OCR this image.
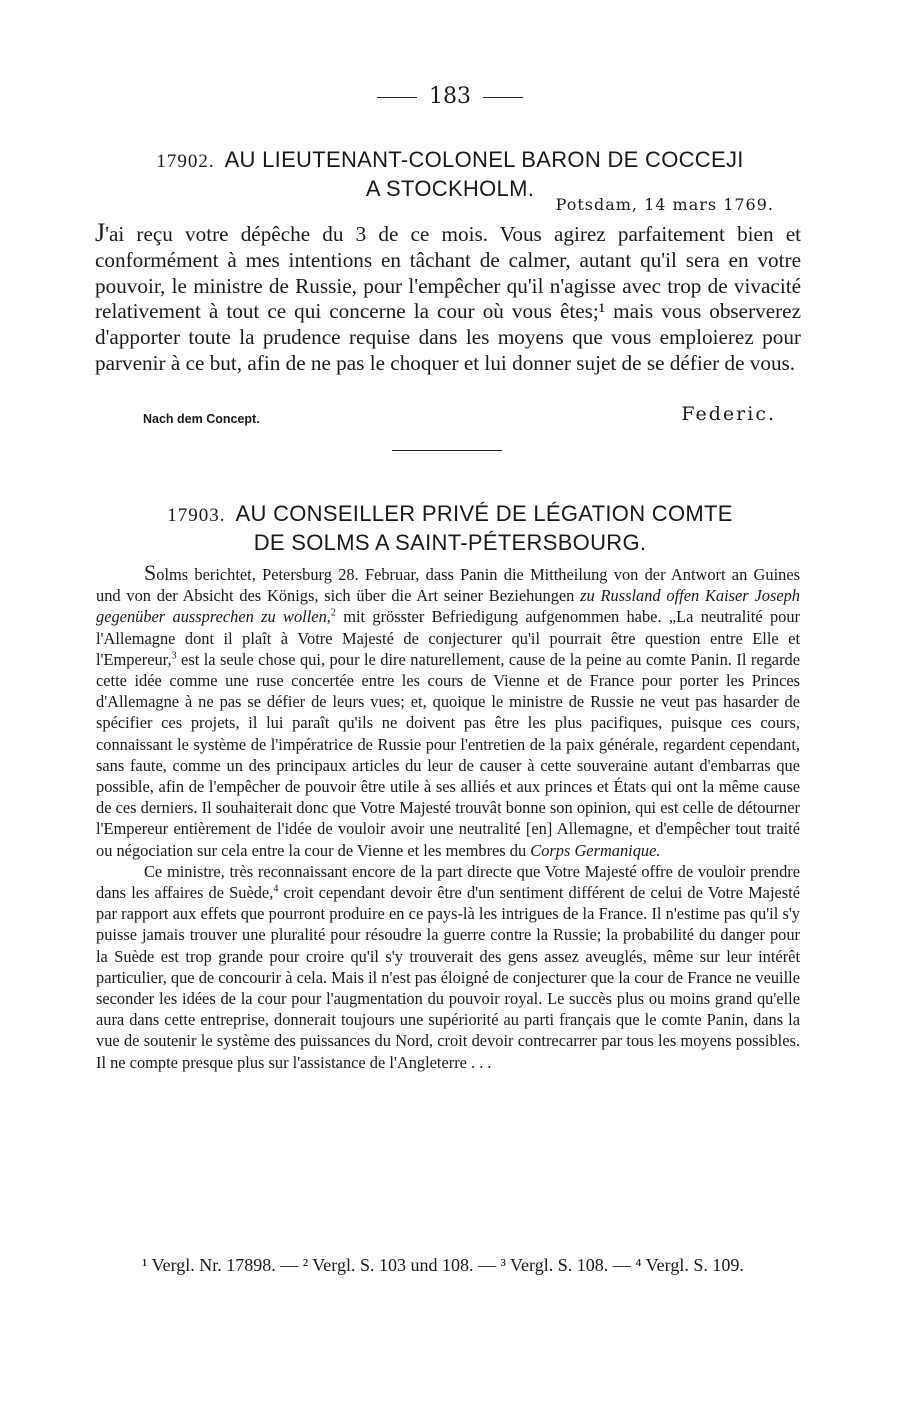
183
17902. AU LIEUTENANT-COLONEL BARON DE COCCEJI
A STOCKHOLM.
Potsdam, 14 mars 1769.

J'ai reçu votre dépêche du 3 de ce mois. Vous agirez parfaitement bien et conformément à mes intentions en tâchant de calmer, autant qu'il sera en votre pouvoir, le ministre de Russie, pour l'empêcher qu'il n'agisse avec trop de vivacité relativement à tout ce qui concerne la cour où vous êtes;¹ mais vous observerez d'apporter toute la prudence requise dans les moyens que vous emploierez pour parvenir à ce but, afin de ne pas le choquer et lui donner sujet de se défier de vous.

Nach dem Concept.	Federic.
17903. AU CONSEILLER PRIVÉ DE LÉGATION COMTE
DE SOLMS A SAINT-PÉTERSBOURG.

Solms berichtet, Petersburg 28. Februar, dass Panin die Mittheilung von der Antwort an Guines und von der Absicht des Königs, sich über die Art seiner Beziehungen zu Russland offen Kaiser Joseph gegenüber aussprechen zu wollen,$^2$ mit grösster Befriedigung aufgenommen habe. „La neutralité pour l'Allemagne dont il plaît à Votre Majesté de conjecturer qu'il pourrait être question entre Elle et l'Empereur,$^3$ est la seule chose qui, pour le dire naturellement, cause de la peine au comte Panin. Il regarde cette idée comme une ruse concertée entre les cours de Vienne et de France pour porter les Princes d'Allemagne à ne pas se défier de leurs vues; et, quoique le ministre de Russie ne veut pas hasarder de spécifier ces projets, il lui paraît qu'ils ne doivent pas être les plus pacifiques, puisque ces cours, connaissant le système de l'impératrice de Russie pour l'entretien de la paix générale, regardent cependant, sans faute, comme un des principaux articles du leur de causer à cette souveraine autant d'embarras que possible, afin de l'empêcher de pouvoir être utile à ses alliés et aux princes et États qui ont la même cause de ces derniers. Il souhaiterait donc que Votre Majesté trouvât bonne son opinion, qui est celle de détourner l'Empereur entièrement de l'idée de vouloir avoir une neutralité [en] Allemagne, et d'empêcher tout traité ou négociation sur cela entre la cour de Vienne et les membres du Corps Germanique.

Ce ministre, très reconnaissant encore de la part directe que Votre Majesté offre de vouloir prendre dans les affaires de Suède,$^4$ croit cependant devoir être d'un sentiment différent de celui de Votre Majesté par rapport aux effets que pourront produire en ce pays-là les intrigues de la France. Il n'estime pas qu'il s'y puisse jamais trouver une pluralité pour résoudre la guerre contre la Russie; la probabilité du danger pour la Suède est trop grande pour croire qu'il s'y trouverait des gens assez aveuglés, même sur leur intérêt particulier, que de concourir à cela. Mais il n'est pas éloigné de conjecturer que la cour de France ne veuille seconder les idées de la cour pour l'augmentation du pouvoir royal. Le succès plus ou moins grand qu'elle aura dans cette entreprise, donnerait toujours une supériorité au parti français que le comte Panin, dans la vue de soutenir le système des puissances du Nord, croit devoir contrecarrer par tous les moyens possibles. Il ne compte presque plus sur l'assistance de l'Angleterre . . .

¹ Vergl. Nr. 17898. — ² Vergl. S. 103 und 108. — ³ Vergl. S. 108. — ⁴ Vergl. S. 109.
